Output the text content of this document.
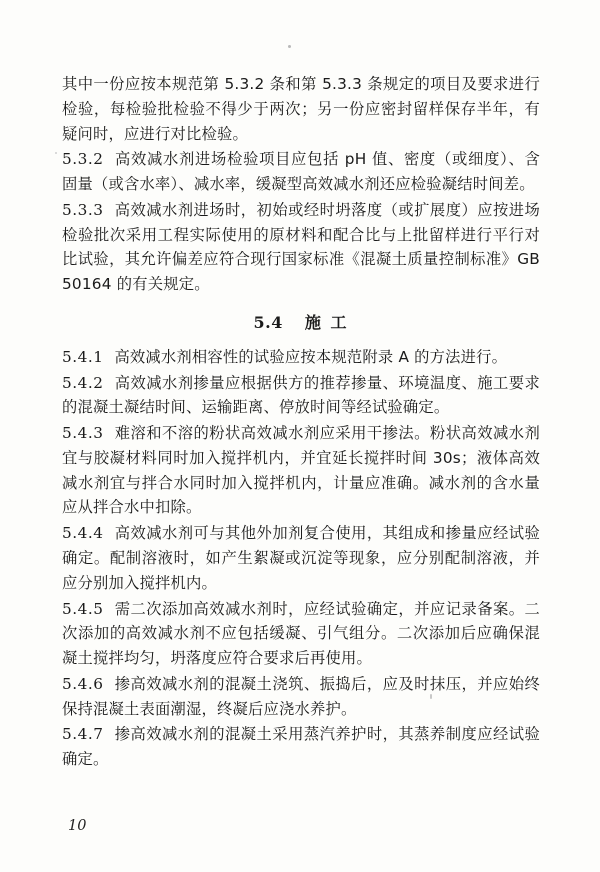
其中一份应按本规范第 5.3.2 条和第 5.3.3 条规定的项目及要求进行检验，每检验批检验不得少于两次；另一份应密封留样保存半年，有疑问时，应进行对比检验。

5.3.2 高效减水剂进场检验项目应包括 pH 值、密度（或细度）、含固量（或含水率）、减水率，缓凝型高效减水剂还应检验凝结时间差。

5.3.3 高效减水剂进场时，初始或经时坍落度（或扩展度）应按进场检验批次采用工程实际使用的原材料和配合比与上批留样进行平行对比试验，其允许偏差应符合现行国家标准《混凝土质量控制标准》GB 50164 的有关规定。

5.4 施 工

5.4.1 高效减水剂相容性的试验应按本规范附录 A 的方法进行。

5.4.2 高效减水剂掺量应根据供方的推荐掺量、环境温度、施工要求的混凝土凝结时间、运输距离、停放时间等经试验确定。

5.4.3 难溶和不溶的粉状高效减水剂应采用干掺法。粉状高效减水剂宜与胶凝材料同时加入搅拌机内，并宜延长搅拌时间 30s；液体高效减水剂宜与拌合水同时加入搅拌机内，计量应准确。减水剂的含水量应从拌合水中扣除。

5.4.4 高效减水剂可与其他外加剂复合使用，其组成和掺量应经试验确定。配制溶液时，如产生絮凝或沉淀等现象，应分别配制溶液，并应分别加入搅拌机内。

5.4.5 需二次添加高效减水剂时，应经试验确定，并应记录备案。二次添加的高效减水剂不应包括缓凝、引气组分。二次添加后应确保混凝土搅拌均匀，坍落度应符合要求后再使用。

5.4.6 掺高效减水剂的混凝土浇筑、振捣后，应及时抹压，并应始终保持混凝土表面潮湿，终凝后应浇水养护。

5.4.7 掺高效减水剂的混凝土采用蒸汽养护时，其蒸养制度应经试验确定。

10
